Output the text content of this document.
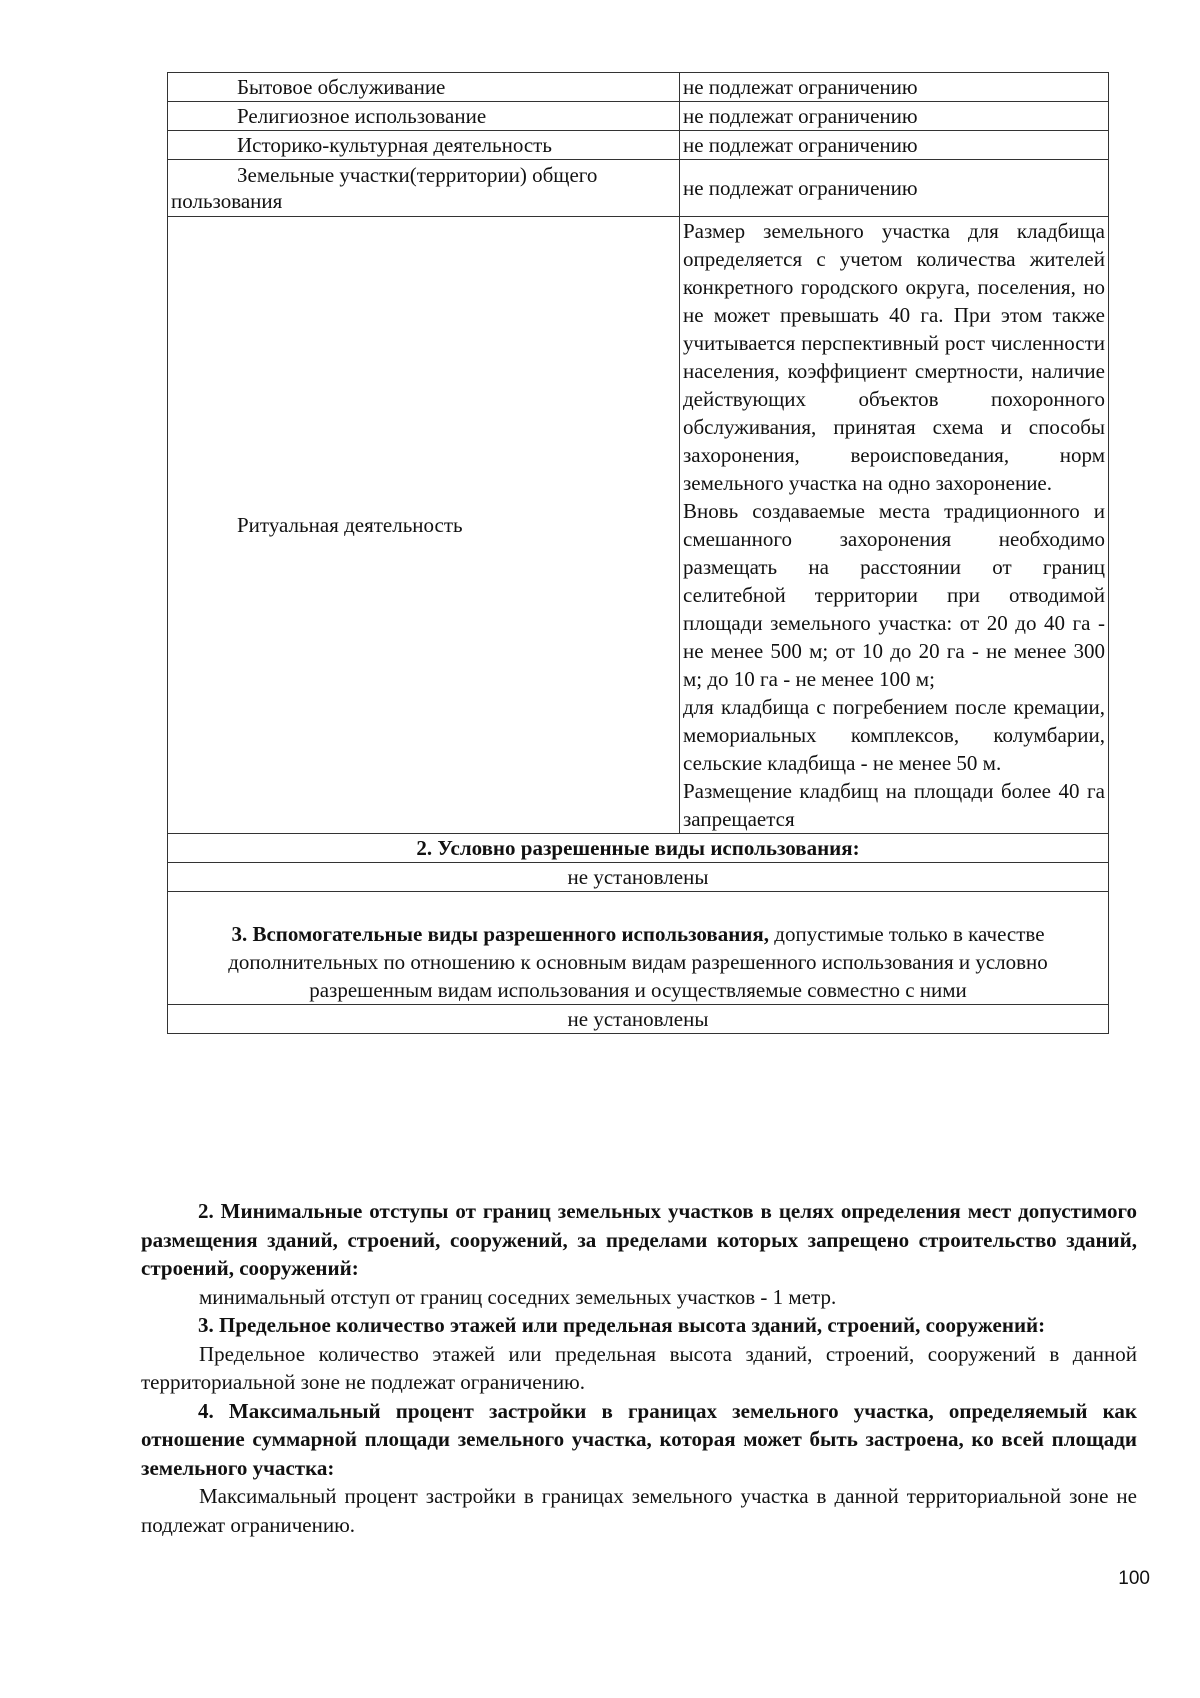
Бытовое обслуживание	не подлежат ограничению
Религиозное использование	не подлежат ограничению
Историко-культурная деятельность	не подлежат ограничению
Земельные участки(территории) общего пользования	не подлежат ограничению
Ритуальная деятельность	Размер земельного участка для кладбища определяется с учетом количества жителей конкретного городского округа, поселения, но не может превышать 40 га. При этом также учитывается перспективный рост численности населения, коэффициент смертности, наличие действующих объектов похоронного обслуживания, принятая схема и способы захоронения, вероисповедания, норм земельного участка на одно захоронение.

Вновь создаваемые места традиционного и смешанного захоронения необходимо размещать на расстоянии от границ селитебной территории при отводимой площади земельного участка: от 20 до 40 га - не менее 500 м; от 10 до 20 га - не менее 300 м; до 10 га - не менее 100 м;

для кладбища с погребением после кремации, мемориальных комплексов, колумбарии, сельские кладбища - не менее 50 м.

Размещение кладбищ на площади более 40 га запрещается

2. Условно разрешенные виды использования:	
не установлены	
3. Вспомогательные виды разрешенного использования, допустимые только в качестве дополнительных по отношению к основным видам разрешенного использования и условно разрешенным видам использования и осуществляемые совместно с ними	
не установлены	

2. Минимальные отступы от границ земельных участков в целях определения мест допустимого размещения зданий, строений, сооружений, за пределами которых запрещено строительство зданий, строений, сооружений:

минимальный отступ от границ соседних земельных участков - 1 метр.

3. Предельное количество этажей или предельная высота зданий, строений, сооружений:

Предельное количество этажей или предельная высота зданий, строений, сооружений в данной территориальной зоне не подлежат ограничению.

4. Максимальный процент застройки в границах земельного участка, определяемый как отношение суммарной площади земельного участка, которая может быть застроена, ко всей площади земельного участка:

Максимальный процент застройки в границах земельного участка в данной территориальной зоне не подлежат ограничению.

100
